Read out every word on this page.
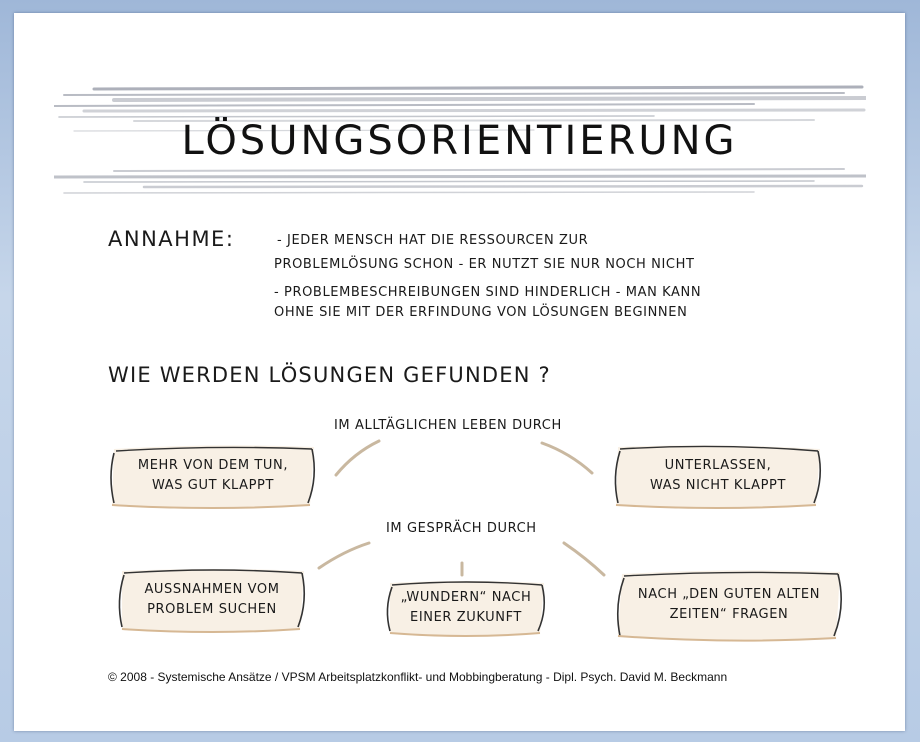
LÖSUNGSORIENTIERUNG
ANNAHME:	- JEDER MENSCH HAT DIE RESSOURCEN ZUR
PROBLEMLÖSUNG SCHON - ER NUTZT SIE NUR NOCH NICHT
- PROBLEMBESCHREIBUNGEN SIND HINDERLICH - MAN KANN
OHNE SIE MIT DER ERFINDUNG VON LÖSUNGEN BEGINNEN
WIE WERDEN LÖSUNGEN GEFUNDEN ?
IM ALLTÄGLICHEN LEBEN DURCH
MEHR VON DEM TUN,
WAS GUT KLAPPT
UNTERLASSEN,
WAS NICHT KLAPPT
IM GESPRÄCH DURCH
AUSSNAHMEN VOM
PROBLEM SUCHEN
„WUNDERN“ NACH
EINER ZUKUNFT
NACH „DEN GUTEN ALTEN
ZEITEN“ FRAGEN
© 2008 - Systemische Ansätze / VPSM Arbeitsplatzkonflikt- und Mobbingberatung - Dipl. Psych. David M. Beckmann
